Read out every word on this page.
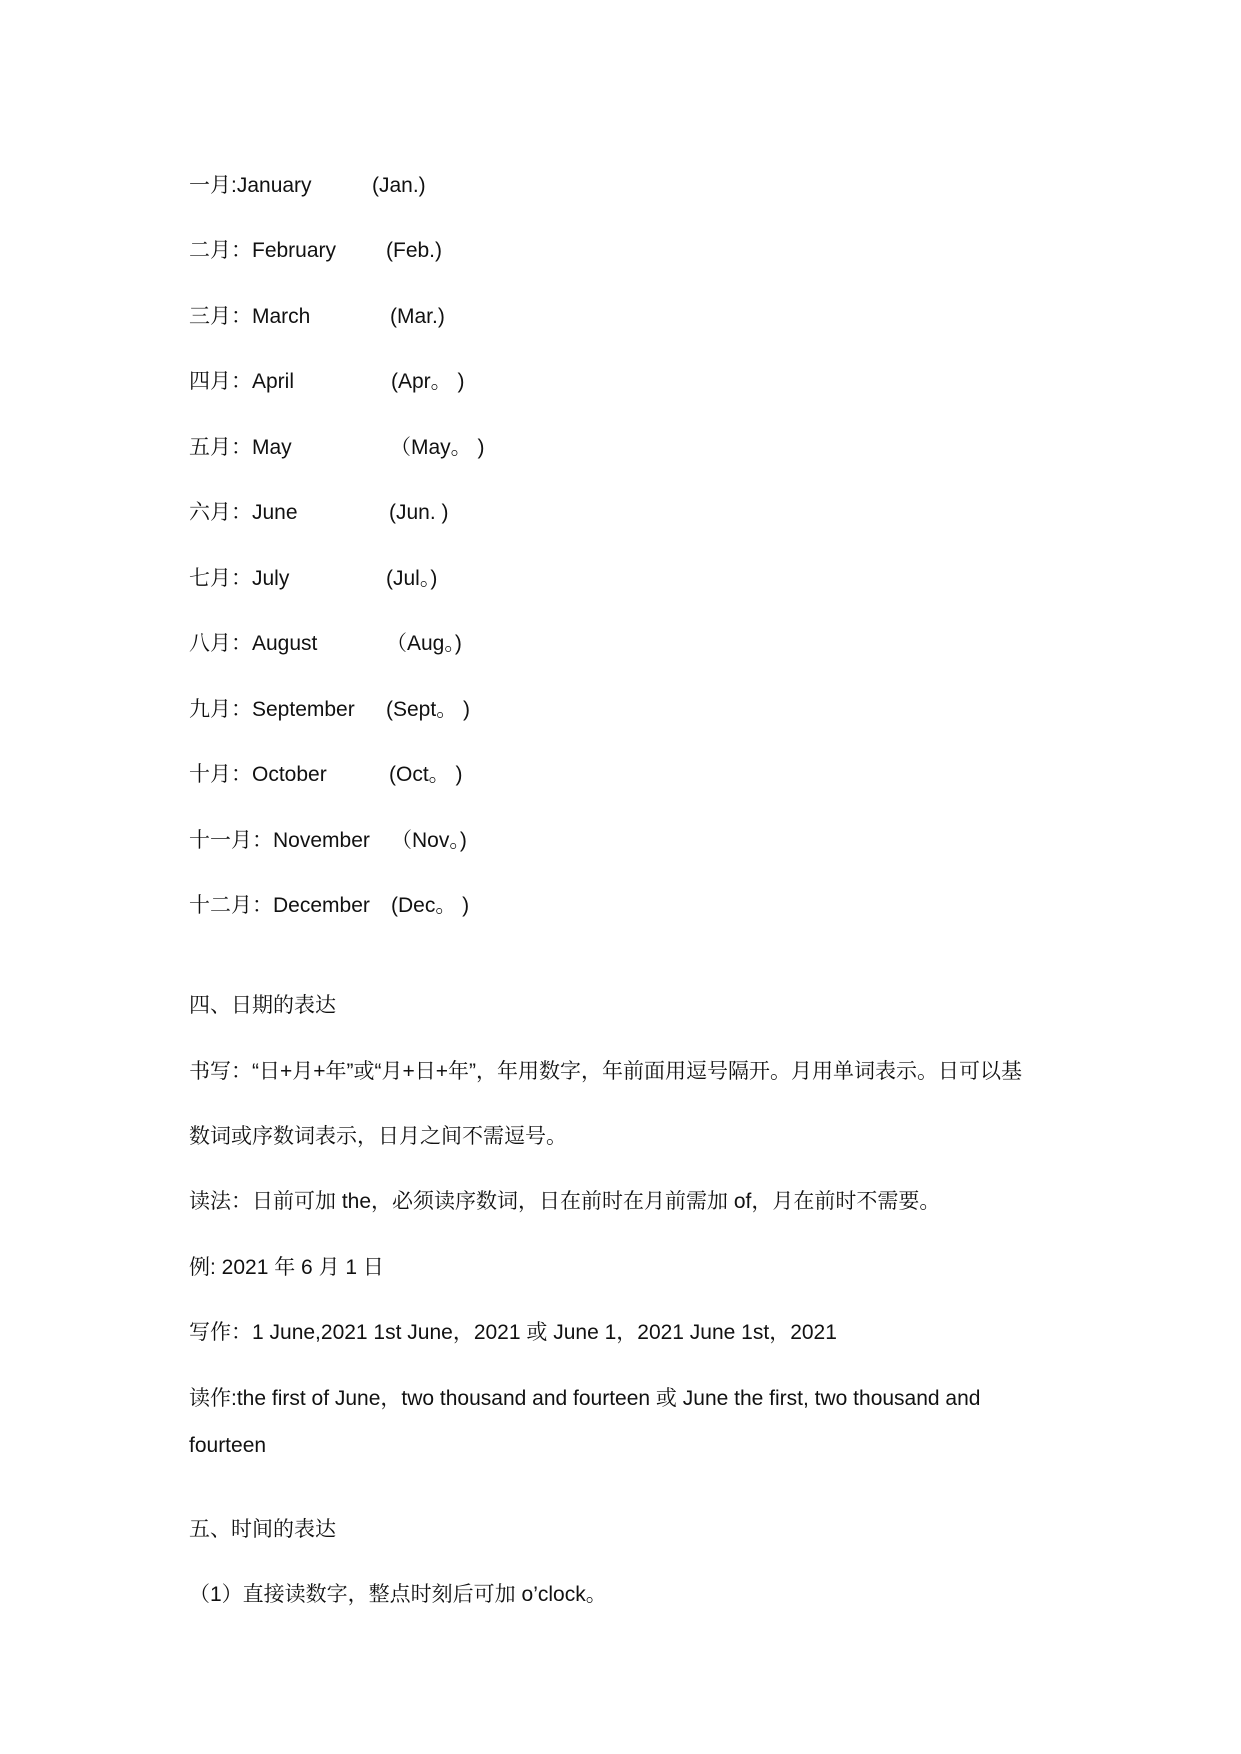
一月:January	(Jan.)
二月：February (Feb.)
三月：March	(Mar.)
四月：April	(Apr。 )
五月：May	（May。 )
六月：June	(Jun. )
七月：July	(Jul。)
八月：August	（Aug。)
九月：September (Sept。 )
十月：October	(Oct。 )
十一月：November （Nov。)
十二月：December (Dec。 )
四、日期的表达
书写：“日+月+年”或“月+日+年”，年用数字，年前面用逗号隔开。月用单词表示。日可以基
数词或序数词表示，日月之间不需逗号。
读法：日前可加 the，必须读序数词，日在前时在月前需加 of，月在前时不需要。
例: 2021 年 6 月 1 日
写作：1 June,2021 1st June，2021 或 June 1，2021 June 1st，2021
读作:the first of June，two thousand and fourteen 或 June the first, two thousand and
fourteen
五、时间的表达
（1）直接读数字，整点时刻后可加 o’clock。
